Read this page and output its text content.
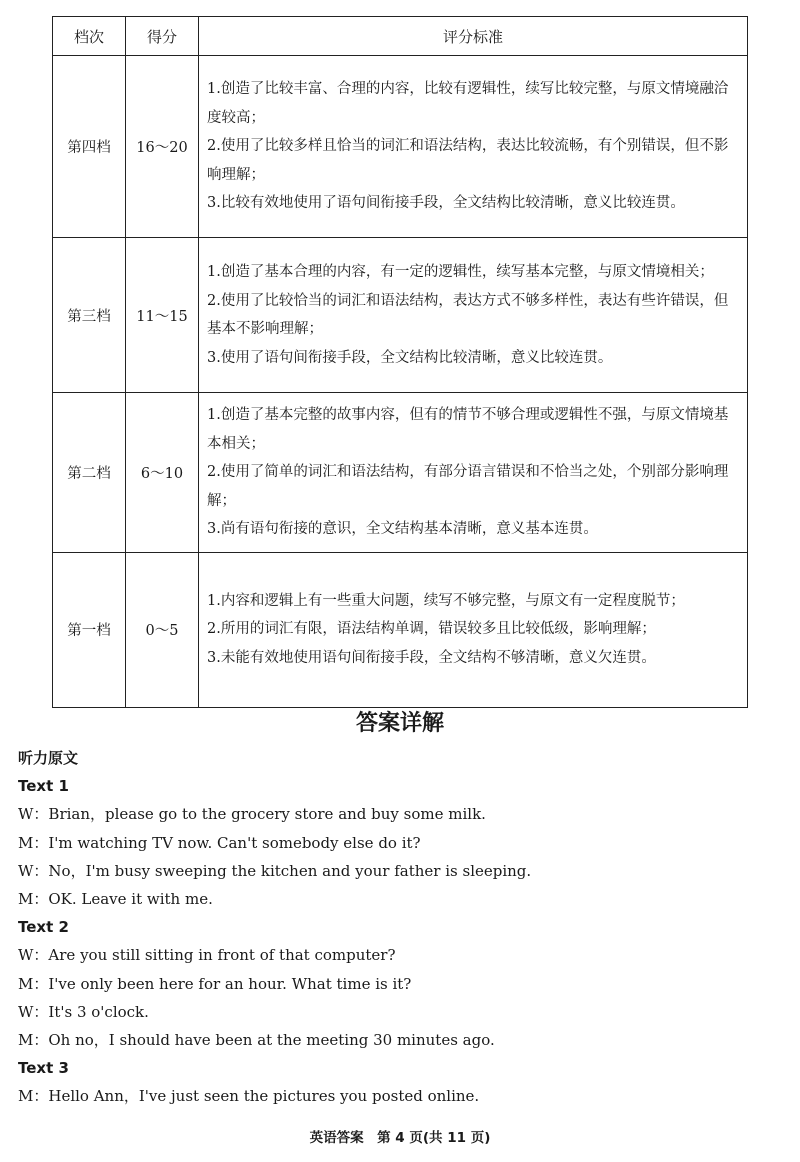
档次	得分	评分标准
第四档	16～20	1.创造了比较丰富、合理的内容，比较有逻辑性，续写比较完整，与原文情境融洽度较高；

2.使用了比较多样且恰当的词汇和语法结构，表达比较流畅，有个别错误，但不影响理解；

3.比较有效地使用了语句间衔接手段，全文结构比较清晰，意义比较连贯。

第三档	11～15	1.创造了基本合理的内容，有一定的逻辑性，续写基本完整，与原文情境相关；

2.使用了比较恰当的词汇和语法结构，表达方式不够多样性，表达有些许错误，但基本不影响理解；

3.使用了语句间衔接手段，全文结构比较清晰，意义比较连贯。

第二档	6～10	1.创造了基本完整的故事内容，但有的情节不够合理或逻辑性不强，与原文情境基本相关；

2.使用了简单的词汇和语法结构，有部分语言错误和不恰当之处，个别部分影响理解；

3.尚有语句衔接的意识，全文结构基本清晰，意义基本连贯。

第一档	0～5	1.内容和逻辑上有一些重大问题，续写不够完整，与原文有一定程度脱节；

2.所用的词汇有限，语法结构单调，错误较多且比较低级，影响理解；

3.未能有效地使用语句间衔接手段，全文结构不够清晰，意义欠连贯。

答案详解
听力原文
Text 1
W：Brian，please go to the grocery store and buy some milk.
M：I'm watching TV now. Can't somebody else do it?
W：No，I'm busy sweeping the kitchen and your father is sleeping.
M：OK. Leave it with me.
Text 2
W：Are you still sitting in front of that computer?
M：I've only been here for an hour. What time is it?
W：It's 3 o'clock.
M：Oh no，I should have been at the meeting 30 minutes ago.
Text 3
M：Hello Ann，I've just seen the pictures you posted online.
英语答案　第 4 页(共 11 页)
